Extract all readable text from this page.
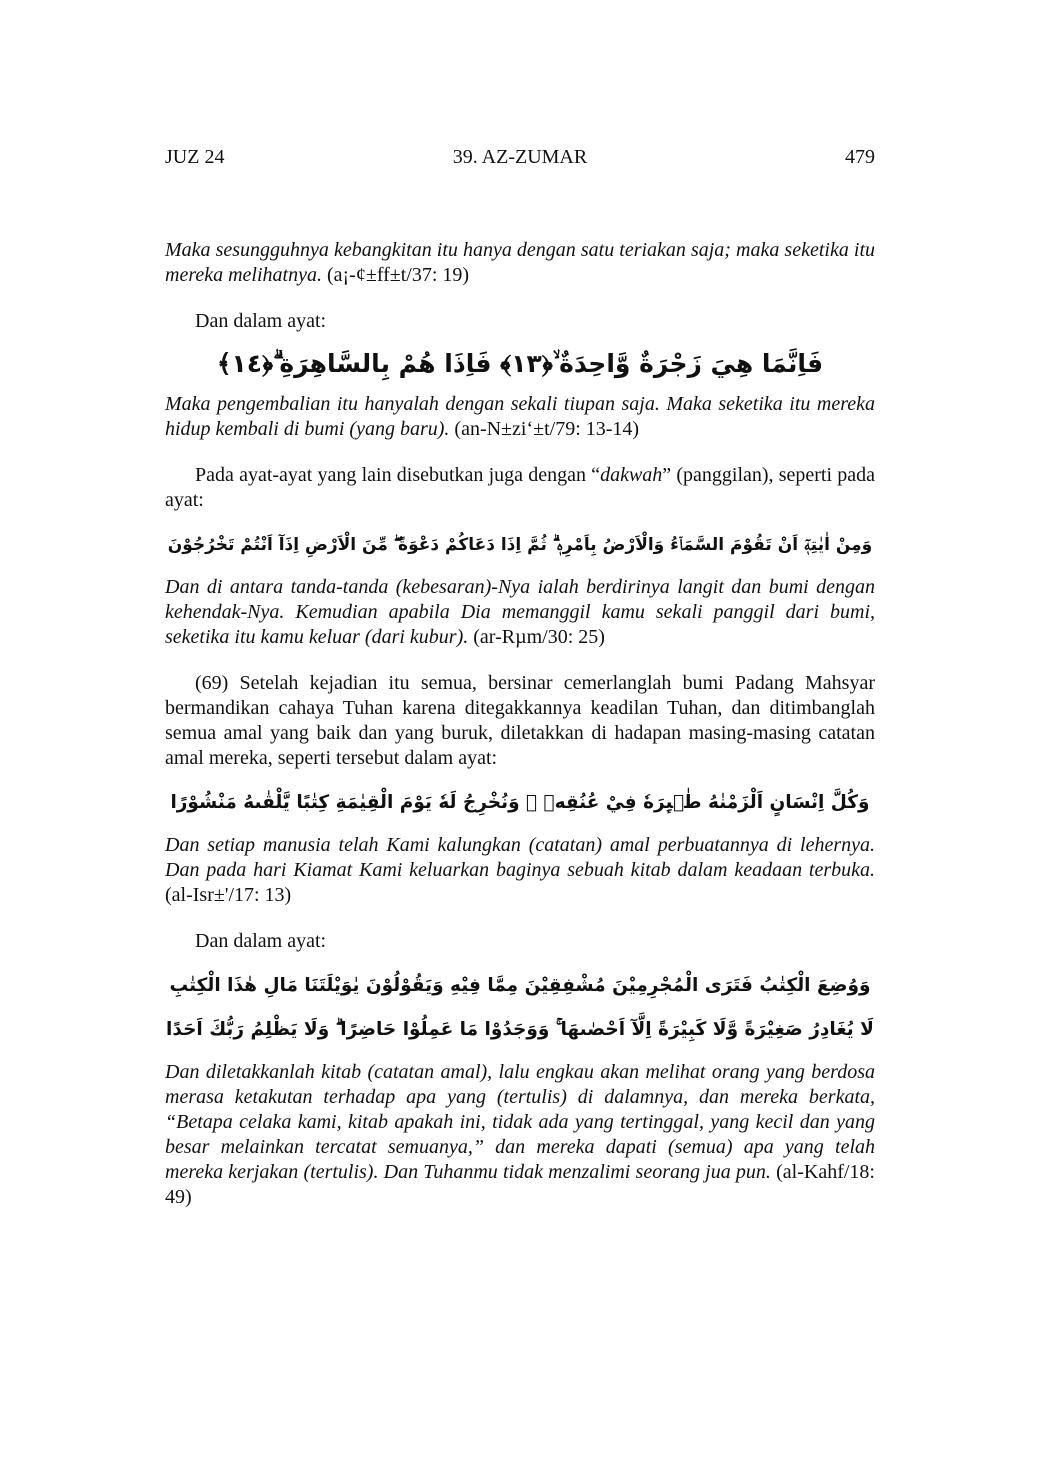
JUZ 24	39. AZ-ZUMAR	479

Maka sesungguhnya kebangkitan itu hanya dengan satu teriakan saja; maka seketika itu mereka melihatnya. (a¡-¢±ff±t/37: 19)

Dan dalam ayat:

فَاِنَّمَا هِيَ زَجْرَةٌ وَّاحِدَةٌ ۙ﴿١٣﴾ فَاِذَا هُمْ بِالسَّاهِرَةِ ۗ﴿١٤﴾

Maka pengembalian itu hanyalah dengan sekali tiupan saja. Maka seketika itu mereka hidup kembali di bumi (yang baru). (an-N±zi‘±t/79: 13-14)

Pada ayat-ayat yang lain disebutkan juga dengan “dakwah” (panggilan), seperti pada ayat:

وَمِنْ اٰيٰتِهٖٓ اَنْ تَقُوْمَ السَّمَاۤءُ وَالْاَرْضُ بِاَمْرِهٖ ۗ ثُمَّ اِذَا دَعَاكُمْ دَعْوَةً ۖ مِّنَ الْاَرْضِ اِذَآ اَنْتُمْ تَخْرُجُوْنَ

Dan di antara tanda-tanda (kebesaran)-Nya ialah berdirinya langit dan bumi dengan kehendak-Nya. Kemudian apabila Dia memanggil kamu sekali panggil dari bumi, seketika itu kamu keluar (dari kubur). (ar-Rµm/30: 25)

(69) Setelah kejadian itu semua, bersinar cemerlanglah bumi Padang Mahsyar bermandikan cahaya Tuhan karena ditegakkannya keadilan Tuhan, dan ditimbanglah semua amal yang baik dan yang buruk, diletakkan di hadapan masing-masing catatan amal mereka, seperti tersebut dalam ayat:

وَكُلَّ اِنْسَانٍ اَلْزَمْنٰهُ طٰۤىِٕرَهٗ فِيْ عُنُقِهٖ ۗ وَنُخْرِجُ لَهٗ يَوْمَ الْقِيٰمَةِ كِتٰبًا يَّلْقٰىهُ مَنْشُوْرًا

Dan setiap manusia telah Kami kalungkan (catatan) amal perbuatannya di lehernya. Dan pada hari Kiamat Kami keluarkan baginya sebuah kitab dalam keadaan terbuka. (al-Isr±'/17: 13)

Dan dalam ayat:

وَوُضِعَ الْكِتٰبُ فَتَرَى الْمُجْرِمِيْنَ مُشْفِقِيْنَ مِمَّا فِيْهِ وَيَقُوْلُوْنَ يٰوَيْلَتَنَا مَالِ هٰذَا الْكِتٰبِ

لَا يُغَادِرُ صَغِيْرَةً وَّلَا كَبِيْرَةً اِلَّآ اَحْصٰىهَا ۚ وَوَجَدُوْا مَا عَمِلُوْا حَاضِرًا ۗ وَلَا يَظْلِمُ رَبُّكَ اَحَدًا

Dan diletakkanlah kitab (catatan amal), lalu engkau akan melihat orang yang berdosa merasa ketakutan terhadap apa yang (tertulis) di dalamnya, dan mereka berkata, “Betapa celaka kami, kitab apakah ini, tidak ada yang tertinggal, yang kecil dan yang besar melainkan tercatat semuanya,” dan mereka dapati (semua) apa yang telah mereka kerjakan (tertulis). Dan Tuhanmu tidak menzalimi seorang jua pun. (al-Kahf/18: 49)
